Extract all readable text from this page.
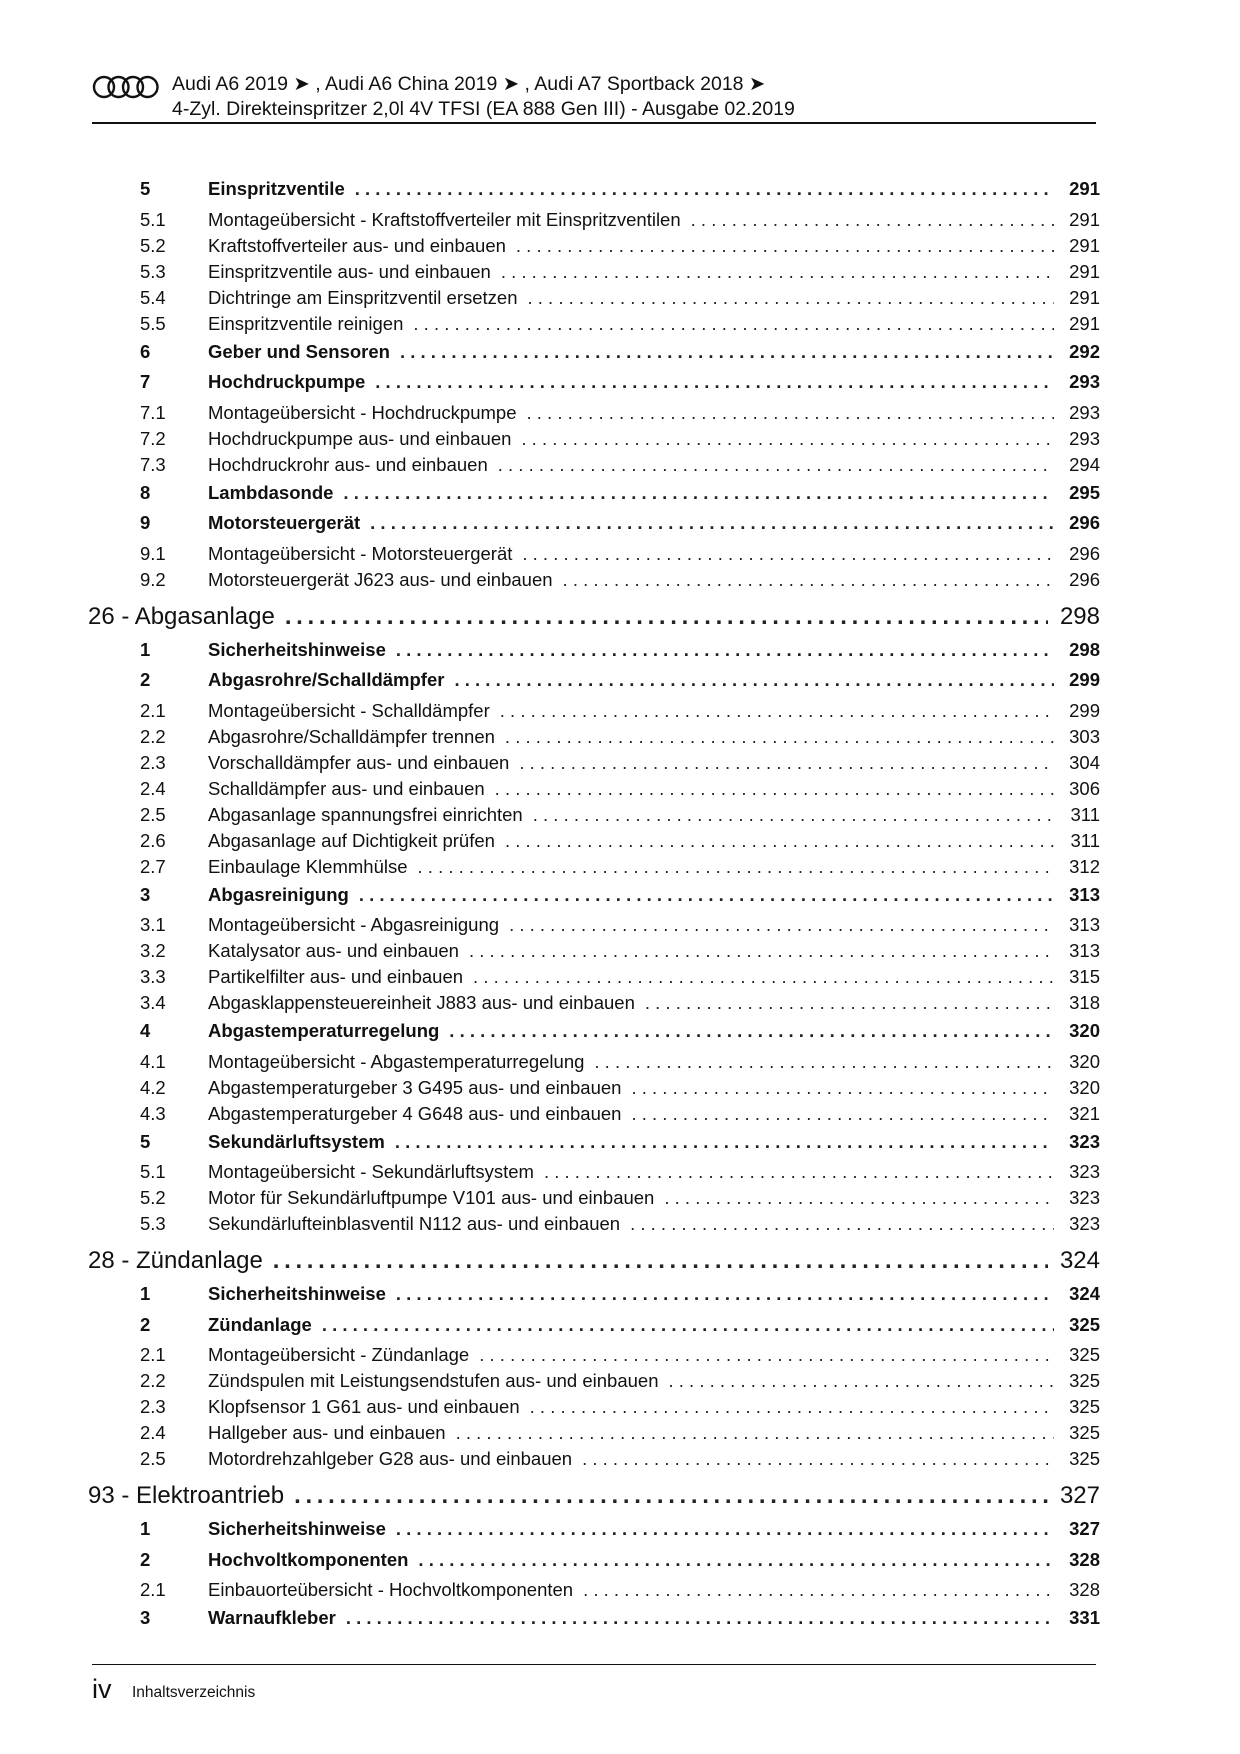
Audi A6 2019 ➤ , Audi A6 China 2019 ➤ , Audi A7 Sportback 2018 ➤
4-Zyl. Direkteinspritzer 2,0l 4V TFSI (EA 888 Gen III) - Ausgabe 02.2019
5	Einspritzventile . . .	291
5.1 Montageübersicht - Kraftstoffverteiler mit Einspritzventilen . . .	291
5.2 Kraftstoffverteiler aus- und einbauen . . .	291
5.3 Einspritzventile aus- und einbauen . . .	291
5.4 Dichtringe am Einspritzventil ersetzen . . .	291
5.5 Einspritzventile reinigen . . .	291
6	Geber und Sensoren . . .	292
7	Hochdruckpumpe . . .	293
7.1 Montageübersicht - Hochdruckpumpe . . .	293
7.2 Hochdruckpumpe aus- und einbauen . . .	293
7.3 Hochdruckrohr aus- und einbauen . . .	294
8	Lambdasonde . . .	295
9	Motorsteuergerät . . .	296
9.1 Montageübersicht - Motorsteuergerät . . .	296
9.2 Motorsteuergerät J623 aus- und einbauen . . .	296
26 - Abgasanlage . .	298
1	Sicherheitshinweise . . .	298
2	Abgasrohre/Schalldämpfer . . .	299
2.1 Montageübersicht - Schalldämpfer . . .	299
2.2 Abgasrohre/Schalldämpfer trennen . . .	303
2.3 Vorschalldämpfer aus- und einbauen . . .	304
2.4 Schalldämpfer aus- und einbauen . . .	306
2.5 Abgasanlage spannungsfrei einrichten . . .	311
2.6 Abgasanlage auf Dichtigkeit prüfen . . .	311
2.7 Einbaulage Klemmhülse . . .	312
3	Abgasreinigung . . .	313
3.1 Montageübersicht - Abgasreinigung . . .	313
3.2 Katalysator aus- und einbauen . . .	313
3.3 Partikelfilter aus- und einbauen . . .	315
3.4 Abgasklappensteuereinheit J883 aus- und einbauen . . .	318
4	Abgastemperaturregelung . . .	320
4.1 Montageübersicht - Abgastemperaturregelung . . .	320
4.2 Abgastemperaturgeber 3 G495 aus- und einbauen . . .	320
4.3 Abgastemperaturgeber 4 G648 aus- und einbauen . . .	321
5	Sekundärluftsystem . . .	323
5.1 Montageübersicht - Sekundärluftsystem . . .	323
5.2 Motor für Sekundärluftpumpe V101 aus- und einbauen . . .	323
5.3 Sekundärlufteinblasventil N112 aus- und einbauen . . .	323
28 - Zündanlage . .	324
1	Sicherheitshinweise . . .	324
2	Zündanlage . . .	325
2.1 Montageübersicht - Zündanlage . . .	325
2.2 Zündspulen mit Leistungsendstufen aus- und einbauen . . .	325
2.3 Klopfsensor 1 G61 aus- und einbauen . . .	325
2.4 Hallgeber aus- und einbauen . . .	325
2.5 Motordrehzahlgeber G28 aus- und einbauen . . .	325
93 - Elektroantrieb . .	327
1	Sicherheitshinweise . . .	327
2	Hochvoltkomponenten . . .	328
2.1 Einbauorteübersicht - Hochvoltkomponenten . . .	328
3	Warnaufkleber . . .	331
iv Inhaltsverzeichnis
